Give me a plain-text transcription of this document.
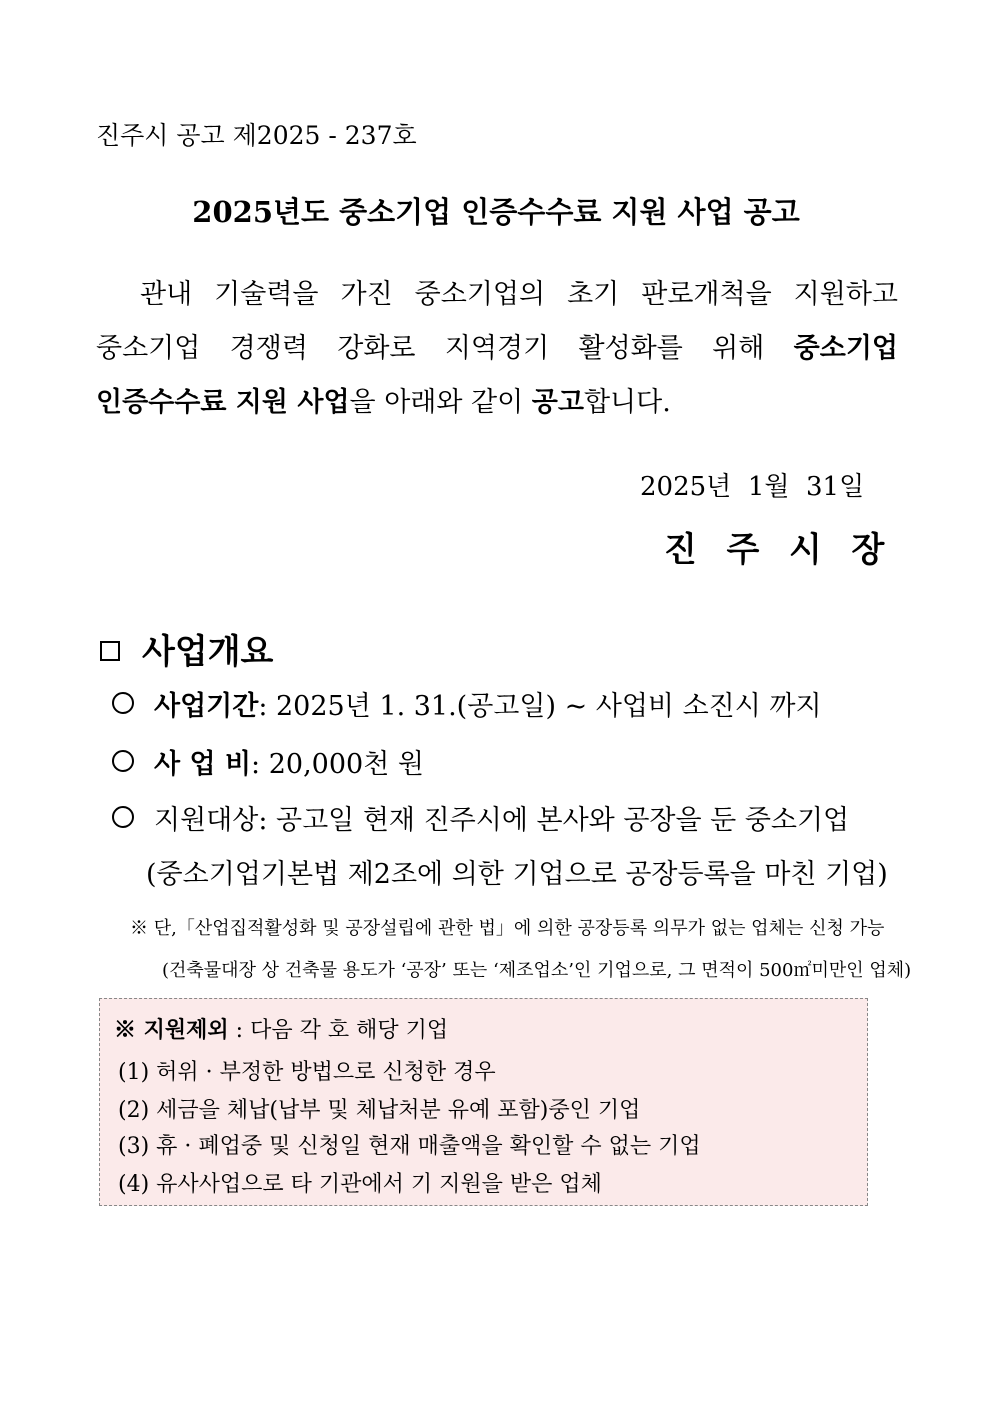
진주시 공고 제2025 - 237호
2025년도 중소기업 인증수수료 지원 사업 공고
관내 기술력을 가진 중소기업의 초기 판로개척을 지원하고
중소기업 경쟁력 강화로 지역경기 활성화를 위해 중소기업
인증수수료 지원 사업을 아래와 같이 공고합니다.
2025년  1월  31일
진  주  시  장
사업개요
사업기간: 2025년 1. 31.(공고일) ~ 사업비 소진시 까지
사 업 비: 20,000천 원
지원대상: 공고일 현재 진주시에 본사와 공장을 둔 중소기업
(중소기업기본법 제2조에 의한 기업으로 공장등록을 마친 기업)
※ 단,「산업집적활성화 및 공장설립에 관한 법」에 의한 공장등록 의무가 없는 업체는 신청 가능
(건축물대장 상 건축물 용도가 ‘공장’ 또는 ‘제조업소’인 기업으로, 그 면적이 500㎡미만인 업체)
※ 지원제외 : 다음 각 호 해당 기업
(1) 허위 · 부정한 방법으로 신청한 경우
(2) 세금을 체납(납부 및 체납처분 유예 포함)중인 기업
(3) 휴 · 폐업중 및 신청일 현재 매출액을 확인할 수 없는 기업
(4) 유사사업으로 타 기관에서 기 지원을 받은 업체
